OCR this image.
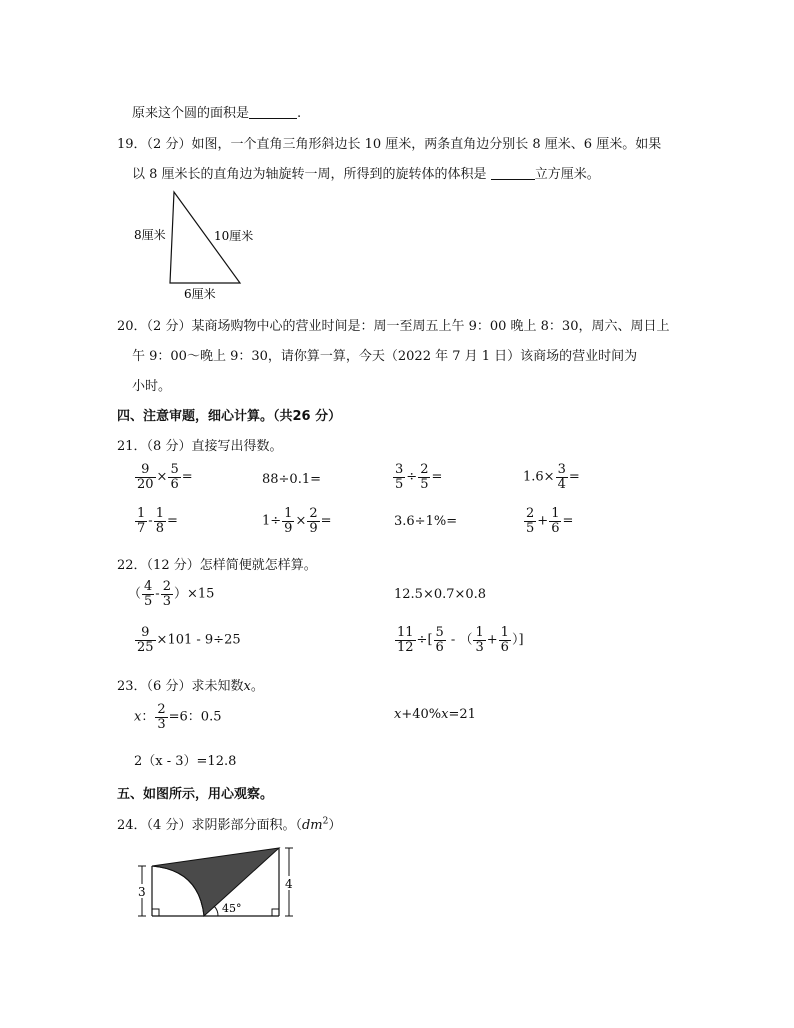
原来这个圆的面积是	.
19．（2 分）如图，一个直角三角形斜边长 10 厘米，两条直角边分别长 8 厘米、6 厘米。如果
以 8 厘米长的直角边为轴旋转一周，所得到的旋转体的体积是	立方厘米。
8厘米	10厘米
6厘米
20．（2 分）某商场购物中心的营业时间是：周一至周五上午 9：00 晚上 8：30，周六、周日上
午 9：00～晚上 9：30，请你算一算，今天（2022 年 7 月 1 日）该商场的营业时间为
小时。
四、注意审题，细心计算。（共26 分）
21．（8 分）直接写出得数。
$\frac{9}{20} \times \frac{5}{6}$ =	88÷0.1=	$\frac{3}{5} \div \frac{2}{5}$ =	$1.6\times \frac{3}{4}$ =
$\frac{1}{7} - \frac{1}{8}$ =	$1\div \frac{1}{9} \times \frac{2}{9}$ =	3.6÷1%=	$\frac{2}{5} + \frac{1}{6}$ =
22．（12 分）怎样简便就怎样算。
（ $\frac{4}{5} - \frac{2}{3} )\times 15$	12.5×0.7×0.8
$\frac{9}{25} \times 101 - 9\div 25$	$\frac{11}{12}$ ÷[ $\frac{5}{6}$ - （ $\frac{1}{3} + \frac{1}{6}$ ）]
23．（6 分）求未知数x。
x： $\frac{2}{3} =6$：0.5	x+40%x=21
2（x - 3）=12.8
五、如图所示，用心观察。
24．（4 分）求阴影部分面积。$(dm^2)$
3
4
45°
